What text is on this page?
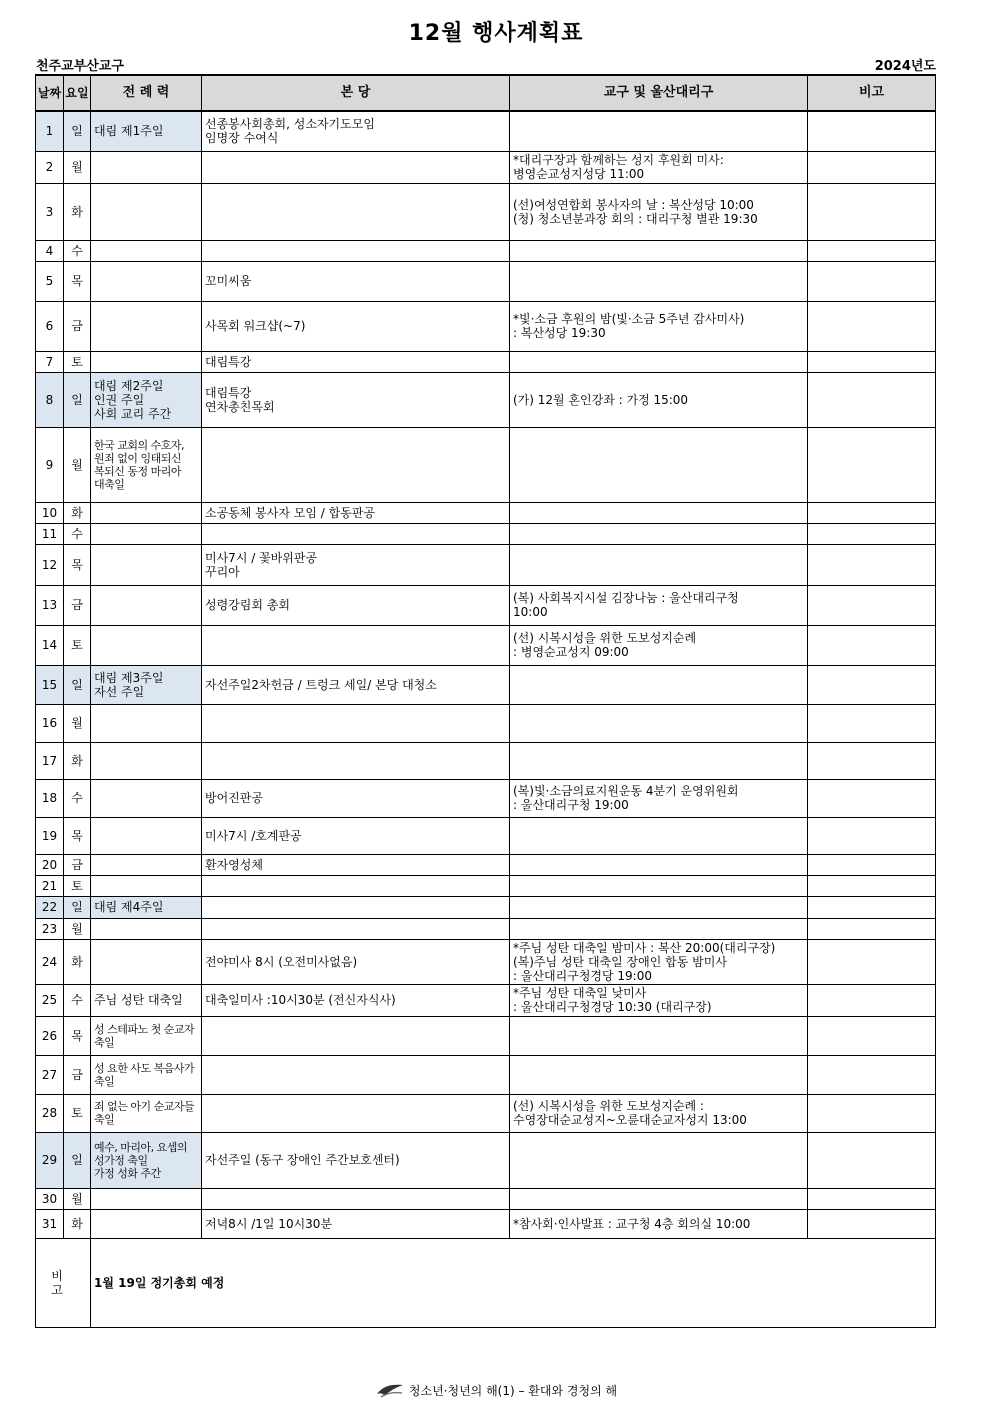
12월 행사계획표
천주교부산교구	2024년도
날짜	요일	전 례 력	본 당	교구 및 울산대리구	비고
1	일	대림 제1주일	선종봉사회총회, 성소자기도모임
임명장 수여식		

2	월			*대리구장과 함께하는 성지 후원회 미사:
병영순교성지성당 11:00	

3	화			(선)여성연합회 봉사자의 날 : 복산성당 10:00
(청) 청소년분과장 회의 : 대리구청 별관 19:30	

4	수				
5	목		꼬미씨움		

6	금		사목회 워크샵(~7)	*빛·소금 후원의 밤(빛·소금 5주년 감사미사)
: 복산성당 19:30	

7	토		대림특강		

8	일	대림 제2주일
인권 주일
사회 교리 주간	대림특강
연차총친목회	(가) 12월 혼인강좌 : 가정 15:00	

9	월	한국 교회의 수호자,
원죄 없이 잉태되신
복되신 동정 마리아
대축일			

10	화		소공동체 봉사자 모임 / 합동판공		

11	수				
12	목		미사7시 / 꽃바위판공
꾸리아		

13	금		성령강림회 총회	(복) 사회복지시설 김장나눔 : 울산대리구청
10:00	

14	토			(선) 시복시성을 위한 도보성지순례
: 병영순교성지 09:00	

15	일	대림 제3주일
자선 주일	자선주일2차헌금 / 트렁크 세일/ 본당 대청소		

16	월				
17	화				
18	수		방어진판공	(복)빛·소금의료지원운동 4분기 운영위원회
: 울산대리구청 19:00	

19	목		미사7시 /호계판공		

20	금		환자영성체		

21	토				
22	일	대림 제4주일			

23	월				
24	화		전야미사 8시 (오전미사없음)	*주님 성탄 대축일 밤미사 : 복산 20:00(대리구장)
(복)주님 성탄 대축일 장애인 합동 밤미사
: 울산대리구청경당 19:00	

25	수	주님 성탄 대축일	대축일미사 :10시30분 (전신자식사)	*주님 성탄 대축일 낮미사
: 울산대리구청경당 10:30 (대리구장)	

26	목	성 스테파노 첫 순교자
축일			

27	금	성 요한 사도 복음사가
축일			

28	토	죄 없는 아기 순교자들
축일		(선) 시복시성을 위한 도보성지순례 :
수영장대순교성지~오륜대순교자성지 13:00	

29	일	예수, 마리아, 요셉의
성가정 축일
가정 성화 주간	자선주일 (동구 장애인 주간보호센터)		

30	월				
31	화		저녁8시 /1일 10시30분	*참사회·인사발표 : 교구청 4층 회의실 10:00	

비 고		1월 19일 정기총회 예정			
청소년·청년의 해(1) – 환대와 경청의 해
